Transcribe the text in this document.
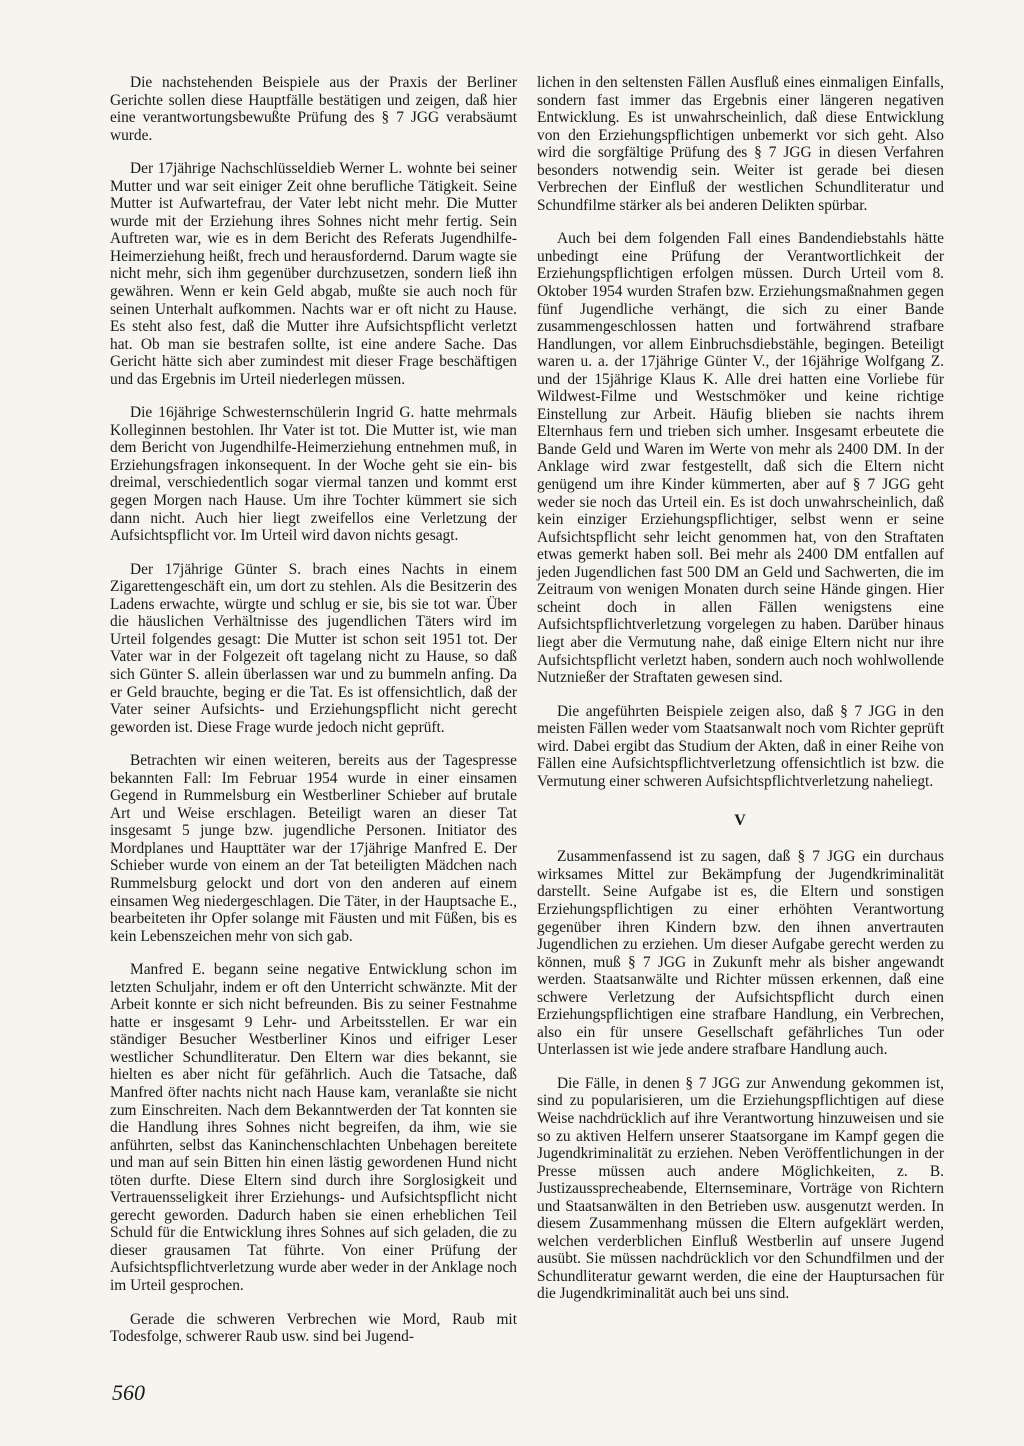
Die nachstehenden Beispiele aus der Praxis der Berliner Gerichte sollen diese Hauptfälle bestätigen und zeigen, daß hier eine verantwortungsbewußte Prüfung des § 7 JGG verabsäumt wurde.

Der 17jährige Nachschlüsseldieb Werner L. wohnte bei seiner Mutter und war seit einiger Zeit ohne berufliche Tätigkeit. Seine Mutter ist Aufwartefrau, der Vater lebt nicht mehr. Die Mutter wurde mit der Erziehung ihres Sohnes nicht mehr fertig. Sein Auftreten war, wie es in dem Bericht des Referats Jugendhilfe-Heimerziehung heißt, frech und herausfordernd. Darum wagte sie nicht mehr, sich ihm gegenüber durchzusetzen, sondern ließ ihn gewähren. Wenn er kein Geld abgab, mußte sie auch noch für seinen Unterhalt aufkommen. Nachts war er oft nicht zu Hause. Es steht also fest, daß die Mutter ihre Aufsichtspflicht verletzt hat. Ob man sie bestrafen sollte, ist eine andere Sache. Das Gericht hätte sich aber zumindest mit dieser Frage beschäftigen und das Ergebnis im Urteil niederlegen müssen.

Die 16jährige Schwesternschülerin Ingrid G. hatte mehrmals Kolleginnen bestohlen. Ihr Vater ist tot. Die Mutter ist, wie man dem Bericht von Jugendhilfe-Heimerziehung entnehmen muß, in Erziehungsfragen inkonsequent. In der Woche geht sie ein- bis dreimal, verschiedentlich sogar viermal tanzen und kommt erst gegen Morgen nach Hause. Um ihre Tochter kümmert sie sich dann nicht. Auch hier liegt zweifellos eine Verletzung der Aufsichtspflicht vor. Im Urteil wird davon nichts gesagt.

Der 17jährige Günter S. brach eines Nachts in einem Zigarettengeschäft ein, um dort zu stehlen. Als die Besitzerin des Ladens erwachte, würgte und schlug er sie, bis sie tot war. Über die häuslichen Verhältnisse des jugendlichen Täters wird im Urteil folgendes gesagt: Die Mutter ist schon seit 1951 tot. Der Vater war in der Folgezeit oft tagelang nicht zu Hause, so daß sich Günter S. allein überlassen war und zu bummeln anfing. Da er Geld brauchte, beging er die Tat. Es ist offensichtlich, daß der Vater seiner Aufsichts- und Erziehungspflicht nicht gerecht geworden ist. Diese Frage wurde jedoch nicht geprüft.

Betrachten wir einen weiteren, bereits aus der Tagespresse bekannten Fall: Im Februar 1954 wurde in einer einsamen Gegend in Rummelsburg ein Westberliner Schieber auf brutale Art und Weise erschlagen. Beteiligt waren an dieser Tat insgesamt 5 junge bzw. jugendliche Personen. Initiator des Mordplanes und Haupttäter war der 17jährige Manfred E. Der Schieber wurde von einem an der Tat beteiligten Mädchen nach Rummelsburg gelockt und dort von den anderen auf einem einsamen Weg niedergeschlagen. Die Täter, in der Hauptsache E., bearbeiteten ihr Opfer solange mit Fäusten und mit Füßen, bis es kein Lebenszeichen mehr von sich gab.

Manfred E. begann seine negative Entwicklung schon im letzten Schuljahr, indem er oft den Unterricht schwänzte. Mit der Arbeit konnte er sich nicht befreunden. Bis zu seiner Festnahme hatte er insgesamt 9 Lehr- und Arbeitsstellen. Er war ein ständiger Besucher Westberliner Kinos und eifriger Leser westlicher Schundliteratur. Den Eltern war dies bekannt, sie hielten es aber nicht für gefährlich. Auch die Tatsache, daß Manfred öfter nachts nicht nach Hause kam, veranlaßte sie nicht zum Einschreiten. Nach dem Bekanntwerden der Tat konnten sie die Handlung ihres Sohnes nicht begreifen, da ihm, wie sie anführten, selbst das Kaninchenschlachten Unbehagen bereitete und man auf sein Bitten hin einen lästig gewordenen Hund nicht töten durfte. Diese Eltern sind durch ihre Sorglosigkeit und Vertrauensseligkeit ihrer Erziehungs- und Aufsichtspflicht nicht gerecht geworden. Dadurch haben sie einen erheblichen Teil Schuld für die Entwicklung ihres Sohnes auf sich geladen, die zu dieser grausamen Tat führte. Von einer Prüfung der Aufsichtspflichtverletzung wurde aber weder in der Anklage noch im Urteil gesprochen.

Gerade die schweren Verbrechen wie Mord, Raub mit Todesfolge, schwerer Raub usw. sind bei Jugend-

lichen in den seltensten Fällen Ausfluß eines einmaligen Einfalls, sondern fast immer das Ergebnis einer längeren negativen Entwicklung. Es ist unwahrscheinlich, daß diese Entwicklung von den Erziehungspflichtigen unbemerkt vor sich geht. Also wird die sorgfältige Prüfung des § 7 JGG in diesen Verfahren besonders notwendig sein. Weiter ist gerade bei diesen Verbrechen der Einfluß der westlichen Schundliteratur und Schundfilme stärker als bei anderen Delikten spürbar.

Auch bei dem folgenden Fall eines Bandendiebstahls hätte unbedingt eine Prüfung der Verantwortlichkeit der Erziehungspflichtigen erfolgen müssen. Durch Urteil vom 8. Oktober 1954 wurden Strafen bzw. Erziehungsmaßnahmen gegen fünf Jugendliche verhängt, die sich zu einer Bande zusammengeschlossen hatten und fortwährend strafbare Handlungen, vor allem Einbruchsdiebstähle, begingen. Beteiligt waren u. a. der 17jährige Günter V., der 16jährige Wolfgang Z. und der 15jährige Klaus K. Alle drei hatten eine Vorliebe für Wildwest-Filme und Westschmöker und keine richtige Einstellung zur Arbeit. Häufig blieben sie nachts ihrem Elternhaus fern und trieben sich umher. Insgesamt erbeutete die Bande Geld und Waren im Werte von mehr als 2400 DM. In der Anklage wird zwar festgestellt, daß sich die Eltern nicht genügend um ihre Kinder kümmerten, aber auf § 7 JGG geht weder sie noch das Urteil ein. Es ist doch unwahrscheinlich, daß kein einziger Erziehungspflichtiger, selbst wenn er seine Aufsichtspflicht sehr leicht genommen hat, von den Straftaten etwas gemerkt haben soll. Bei mehr als 2400 DM entfallen auf jeden Jugendlichen fast 500 DM an Geld und Sachwerten, die im Zeitraum von wenigen Monaten durch seine Hände gingen. Hier scheint doch in allen Fällen wenigstens eine Aufsichtspflichtverletzung vorgelegen zu haben. Darüber hinaus liegt aber die Vermutung nahe, daß einige Eltern nicht nur ihre Aufsichtspflicht verletzt haben, sondern auch noch wohlwollende Nutznießer der Straftaten gewesen sind.

Die angeführten Beispiele zeigen also, daß § 7 JGG in den meisten Fällen weder vom Staatsanwalt noch vom Richter geprüft wird. Dabei ergibt das Studium der Akten, daß in einer Reihe von Fällen eine Aufsichtspflichtverletzung offensichtlich ist bzw. die Vermutung einer schweren Aufsichtspflichtverletzung naheliegt.

V

Zusammenfassend ist zu sagen, daß § 7 JGG ein durchaus wirksames Mittel zur Bekämpfung der Jugendkriminalität darstellt. Seine Aufgabe ist es, die Eltern und sonstigen Erziehungspflichtigen zu einer erhöhten Verantwortung gegenüber ihren Kindern bzw. den ihnen anvertrauten Jugendlichen zu erziehen. Um dieser Aufgabe gerecht werden zu können, muß § 7 JGG in Zukunft mehr als bisher angewandt werden. Staatsanwälte und Richter müssen erkennen, daß eine schwere Verletzung der Aufsichtspflicht durch einen Erziehungspflichtigen eine strafbare Handlung, ein Verbrechen, also ein für unsere Gesellschaft gefährliches Tun oder Unterlassen ist wie jede andere strafbare Handlung auch.

Die Fälle, in denen § 7 JGG zur Anwendung gekommen ist, sind zu popularisieren, um die Erziehungspflichtigen auf diese Weise nachdrücklich auf ihre Verantwortung hinzuweisen und sie so zu aktiven Helfern unserer Staatsorgane im Kampf gegen die Jugendkriminalität zu erziehen. Neben Veröffentlichungen in der Presse müssen auch andere Möglichkeiten, z. B. Justizaussprecheabende, Elternseminare, Vorträge von Richtern und Staatsanwälten in den Betrieben usw. ausgenutzt werden. In diesem Zusammenhang müssen die Eltern aufgeklärt werden, welchen verderblichen Einfluß Westberlin auf unsere Jugend ausübt. Sie müssen nachdrücklich vor den Schundfilmen und der Schundliteratur gewarnt werden, die eine der Hauptursachen für die Jugendkriminalität auch bei uns sind.

560
